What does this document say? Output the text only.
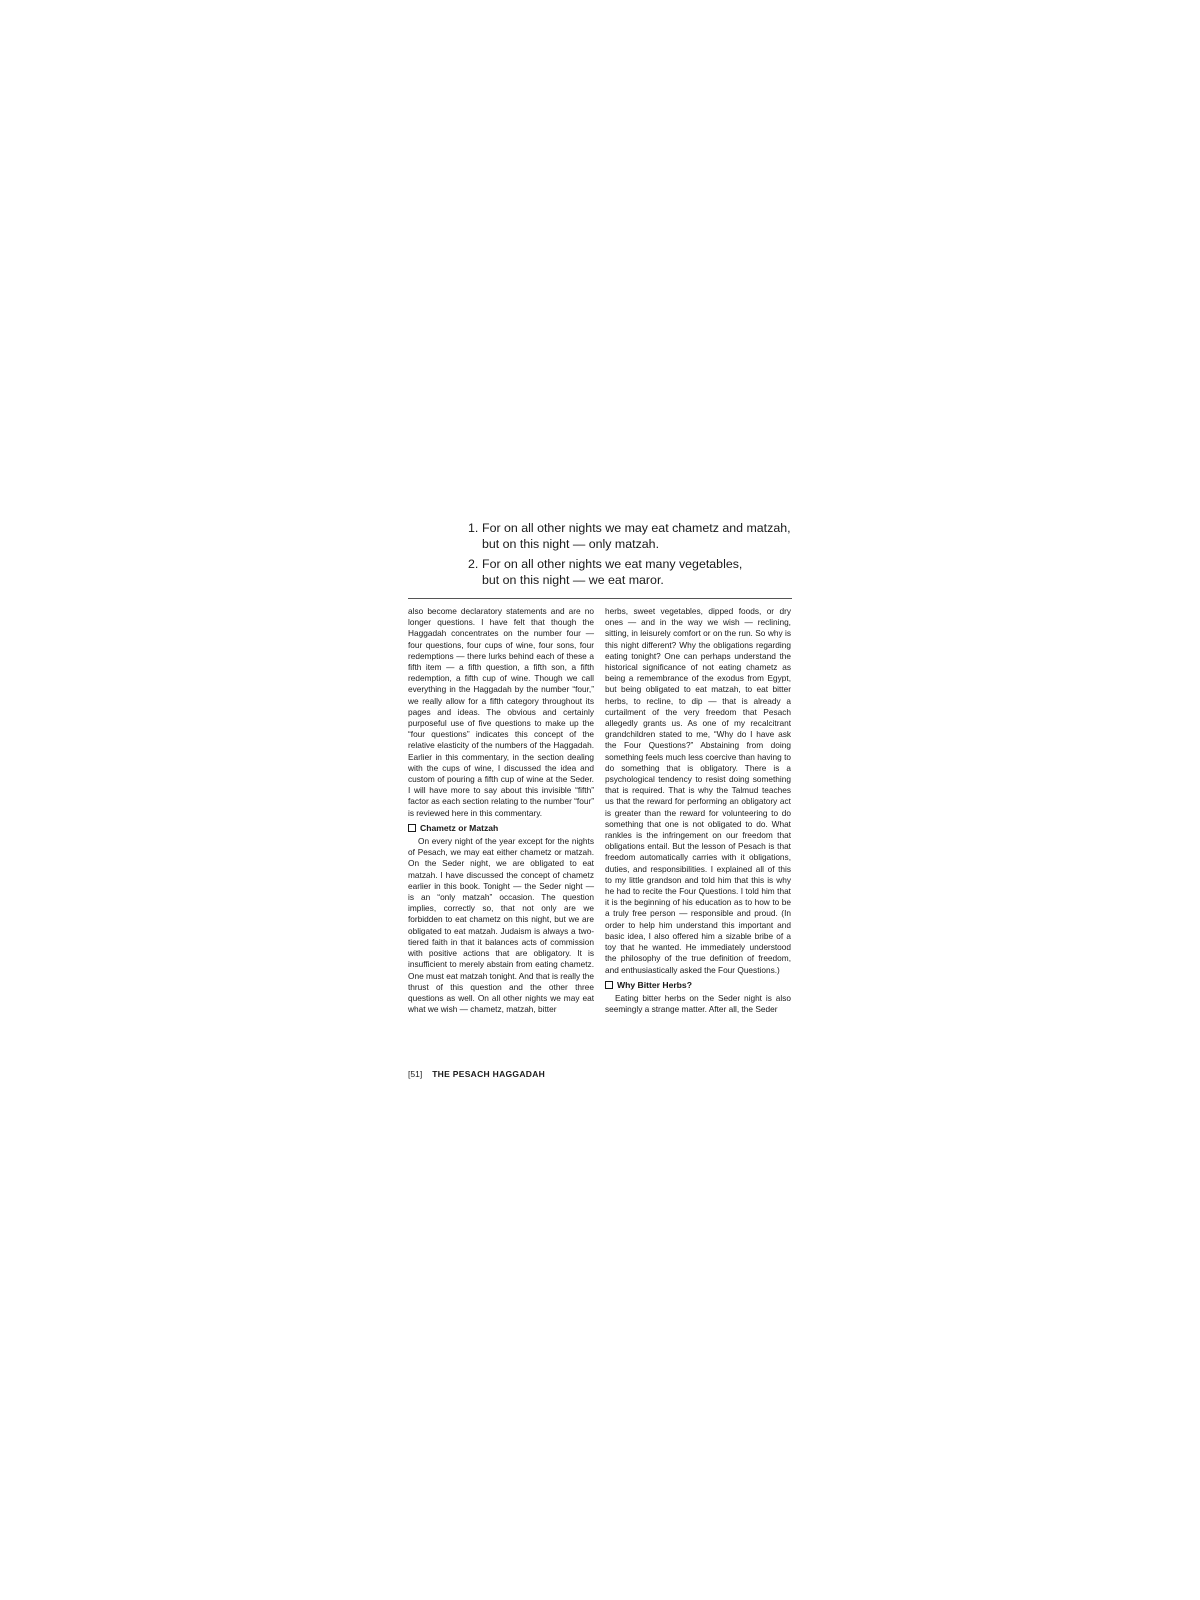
1. For on all other nights we may eat chametz and matzah,
but on this night — only matzah.
2. For on all other nights we eat many vegetables,
but on this night — we eat maror.

also become declaratory statements and are no longer questions. I have felt that though the Haggadah concentrates on the number four — four questions, four cups of wine, four sons, four redemptions — there lurks behind each of these a fifth item — a fifth question, a fifth son, a fifth redemption, a fifth cup of wine. Though we call everything in the Haggadah by the number “four,” we really allow for a fifth category throughout its pages and ideas. The obvious and certainly purposeful use of five questions to make up the “four questions” indicates this concept of the relative elasticity of the numbers of the Haggadah. Earlier in this commentary, in the section dealing with the cups of wine, I discussed the idea and custom of pouring a fifth cup of wine at the Seder. I will have more to say about this invisible “fifth” factor as each section relating to the number “four” is reviewed here in this commentary.

Chametz or Matzah

On every night of the year except for the nights of Pesach, we may eat either chametz or matzah. On the Seder night, we are obligated to eat matzah. I have discussed the concept of chametz earlier in this book. Tonight — the Seder night — is an “only matzah” occasion. The question implies, correctly so, that not only are we forbidden to eat chametz on this night, but we are obligated to eat matzah. Judaism is always a two-tiered faith in that it balances acts of commission with positive actions that are obligatory. It is insufficient to merely abstain from eating chametz. One must eat matzah tonight. And that is really the thrust of this question and the other three questions as well. On all other nights we may eat what we wish — chametz, matzah, bitter

herbs, sweet vegetables, dipped foods, or dry ones — and in the way we wish — reclining, sitting, in leisurely comfort or on the run. So why is this night different? Why the obligations regarding eating tonight? One can perhaps understand the historical significance of not eating chametz as being a remembrance of the exodus from Egypt, but being obligated to eat matzah, to eat bitter herbs, to recline, to dip — that is already a curtailment of the very freedom that Pesach allegedly grants us. As one of my recalcitrant grandchildren stated to me, “Why do I have ask the Four Questions?” Abstaining from doing something feels much less coercive than having to do something that is obligatory. There is a psychological tendency to resist doing something that is required. That is why the Talmud teaches us that the reward for performing an obligatory act is greater than the reward for volunteering to do something that one is not obligated to do. What rankles is the infringement on our freedom that obligations entail. But the lesson of Pesach is that freedom automatically carries with it obligations, duties, and responsibilities. I explained all of this to my little grandson and told him that this is why he had to recite the Four Questions. I told him that it is the beginning of his education as to how to be a truly free person — responsible and proud. (In order to help him understand this important and basic idea, I also offered him a sizable bribe of a toy that he wanted. He immediately understood the philosophy of the true definition of freedom, and enthusiastically asked the Four Questions.)

Why Bitter Herbs?

Eating bitter herbs on the Seder night is also seemingly a strange matter. After all, the Seder

[51] THE PESACH HAGGADAH
